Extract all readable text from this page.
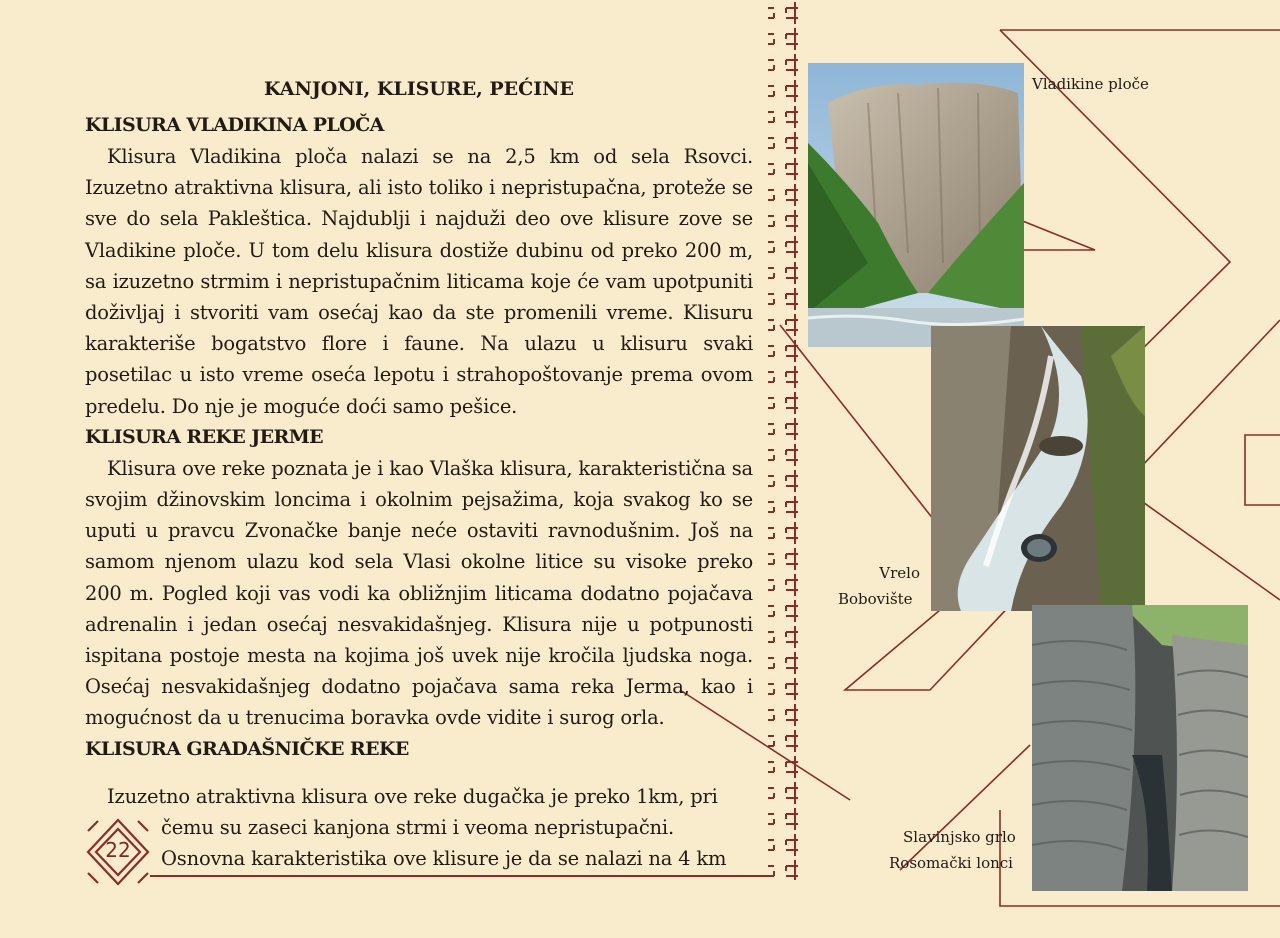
KANJONI, KLISURE, PEĆINE
KLISURA VLADIKINA PLOČA

Klisura Vladikina ploča nalazi se na 2,5 km od sela Rsovci. Izuzetno atraktivna klisura, ali isto toliko i nepristupačna, proteže se sve do sela Pakleštica. Najdublji i najduži deo ove klisure zove se Vladikine ploče. U tom delu klisura dostiže dubinu od preko 200 m, sa izuzetno strmim i nepristupačnim liticama koje će vam upotpuniti doživljaj i stvoriti vam osećaj kao da ste promenili vreme. Klisuru karakteriše bogatstvo flore i faune. Na ulazu u klisuru svaki posetilac u isto vreme oseća lepotu i strahopoštovanje prema ovom predelu. Do nje je moguće doći samo pešice.

KLISURA REKE JERME

Klisura ove reke poznata je i kao Vlaška klisura, karakteristična sa svojim džinovskim loncima i okolnim pejsažima, koja svakog ko se uputi u pravcu Zvonačke banje neće ostaviti ravnodušnim. Još na samom njenom ulazu kod sela Vlasi okolne litice su visoke preko 200 m. Pogled koji vas vodi ka obližnjim liticama dodatno pojačava adrenalin i jedan osećaj nesvakidašnjeg. Klisura nije u potpunosti ispitana postoje mesta na kojima još uvek nije kročila ljudska noga. Osećaj nesvakidašnjeg dodatno pojačava sama reka Jerma, kao i mogućnost da u trenucima boravka ovde vidite i surog orla.

KLISURA GRADAŠNIČKE REKE
Izuzetno atraktivna klisura ove reke dugačka je preko 1km, pri
čemu su zaseci kanjona strmi i veoma nepristupačni.
Osnovna karakteristika ove klisure je da se nalazi na 4 km
22
Vladikine ploče
Vrelo
Bobovište
Slavinjsko grlo
Rosomački lonci
